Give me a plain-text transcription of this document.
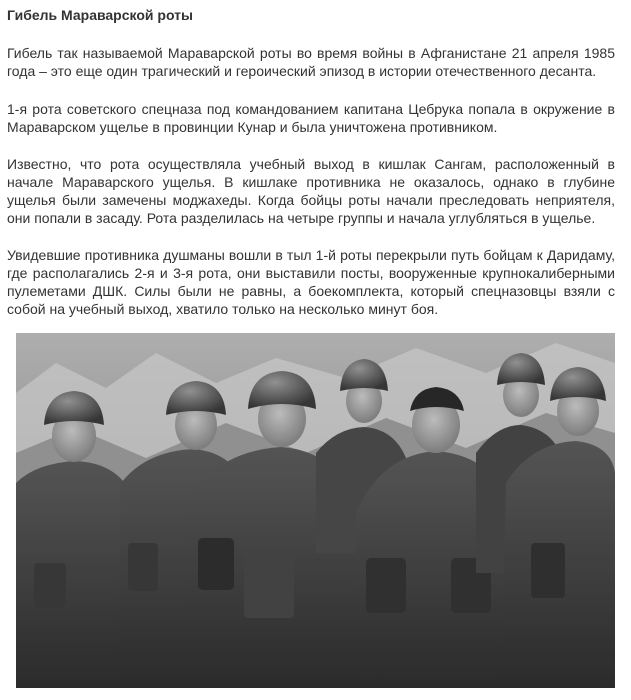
Гибель Мараварской роты

Гибель так называемой Мараварской роты во время войны в Афганистане 21 апреля 1985 года – это еще один трагический и героический эпизод в истории отечественного десанта.

1-я рота советского спецназа под командованием капитана Цебрука попала в окружение в Мараварском ущелье в провинции Кунар и была уничтожена противником.

Известно, что рота осуществляла учебный выход в кишлак Сангам, расположенный в начале Мараварского ущелья. В кишлаке противника не оказалось, однако в глубине ущелья были замечены моджахеды. Когда бойцы роты начали преследовать неприятеля, они попали в засаду. Рота разделилась на четыре группы и начала углубляться в ущелье.

Увидевшие противника душманы вошли в тыл 1-й роты перекрыли путь бойцам к Даридаму, где располагались 2-я и 3-я рота, они выставили посты, вооруженные крупнокалиберными пулеметами ДШК. Силы были не равны, а боекомплекта, который спецназовцы взяли с собой на учебный выход, хватило только на несколько минут боя.
